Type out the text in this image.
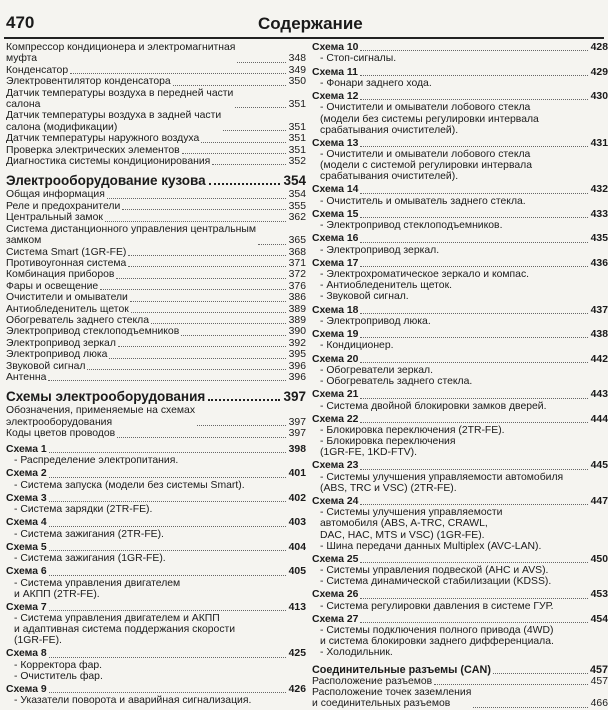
470	Содержание
Компрессор кондиционера и электромагнитная
муфта	348
Конденсатор	349
Электровентилятор конденсатора	350
Датчик температуры воздуха в передней части
салона	351
Датчик температуры воздуха в задней части
салона (модификации)	351
Датчик температуры наружного воздуха	351
Проверка электрических элементов	351
Диагностика системы кондиционирования	352
Электрооборудование кузова	354
Общая информация	354
Реле и предохранители	355
Центральный замок	362
Система дистанционного управления центральным
замком	365
Система Smart (1GR-FE)	368
Противоугонная система	371
Комбинация приборов	372
Фары и освещение	376
Очистители и омыватели	386
Антиобледенитель щеток	389
Обогреватель заднего стекла	389
Электропривод стеклоподъемников	390
Электропривод зеркал	392
Электропривод люка	395
Звуковой сигнал	396
Антенна	396
Схемы электрооборудования	397
Обозначения, применяемые на схемах
электрооборудования	397
Коды цветов проводов	397
Схема 1	398
- Распределение электропитания.
Схема 2	401
- Система запуска (модели без системы Smart).
Схема 3	402
- Система зарядки (2TR-FE).
Схема 4	403
- Система зажигания (2TR-FE).
Схема 5	404
- Система зажигания (1GR-FE).
Схема 6	405
- Система управления двигателем
и АКПП (2TR-FE).
Схема 7	413
- Система управления двигателем и АКПП
и адаптивная система поддержания скорости
(1GR-FE).
Схема 8	425
- Корректора фар.
- Очиститель фар.
Схема 9	426
- Указатели поворота и аварийная сигнализация.
Схема 10	428
- Стоп-сигналы.
Схема 11	429
- Фонари заднего хода.
Схема 12	430
- Очистители и омыватели лобового стекла
(модели без системы регулировки интервала
срабатывания очистителей).
Схема 13	431
- Очистители и омыватели лобового стекла
(модели с системой регулировки интервала
срабатывания очистителей).
Схема 14	432
- Очиститель и омыватель заднего стекла.
Схема 15	433
- Электропривод стеклоподъемников.
Схема 16	435
- Электропривод зеркал.
Схема 17	436
- Электрохроматическое зеркало и компас.
- Антиобледенитель щеток.
- Звуковой сигнал.
Схема 18	437
- Электропривод люка.
Схема 19	438
- Кондиционер.
Схема 20	442
- Обогреватели зеркал.
- Обогреватель заднего стекла.
Схема 21	443
- Система двойной блокировки замков дверей.
Схема 22	444
- Блокировка переключения (2TR-FE).
- Блокировка переключения
(1GR-FE, 1KD-FTV).
Схема 23	445
- Системы улучшения управляемости автомобиля
(ABS, TRC и VSC) (2TR-FE).
Схема 24	447
- Системы улучшения управляемости
автомобиля (ABS, A-TRC, CRAWL,
DAC, HAC, MTS и VSC) (1GR-FE).
- Шина передачи данных Multiplex (AVC-LAN).
Схема 25	450
- Системы управления подвеской (AHC и AVS).
- Система динамической стабилизации (KDSS).
Схема 26	453
- Система регулировки давления в системе ГУР.
Схема 27	454
- Системы подключения полного привода (4WD)
и система блокировки заднего дифференциала.
- Холодильник.
Соединительные разъемы (CAN)	457
Расположение разъемов	457
Расположение точек заземления
и соединительных разъемов	466
